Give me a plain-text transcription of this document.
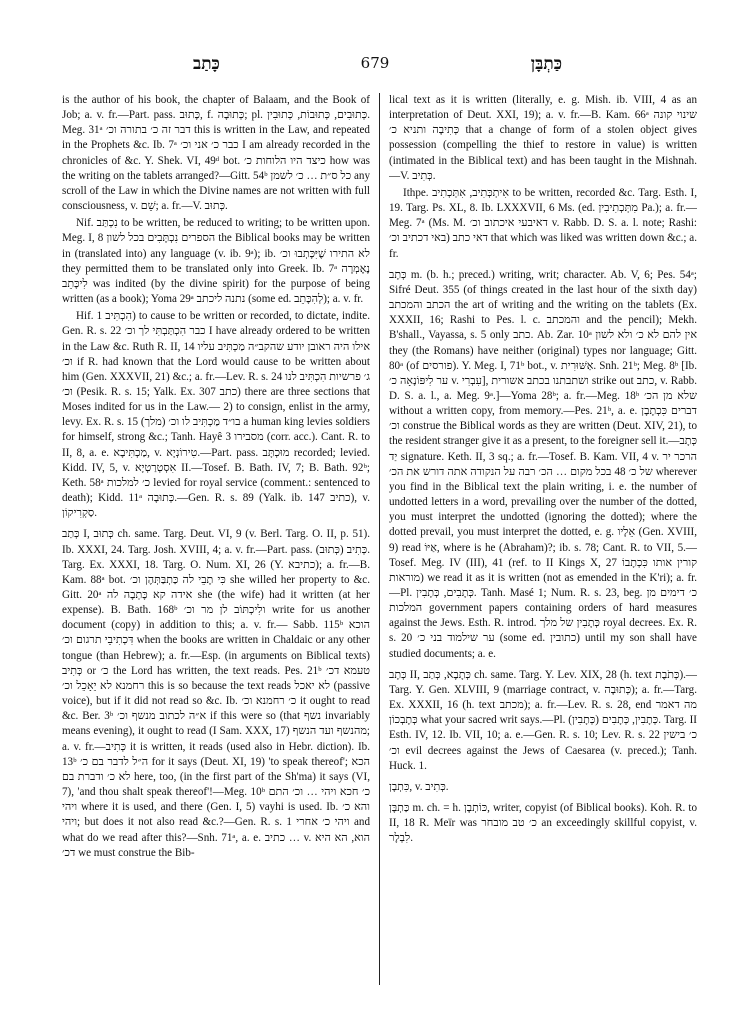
כָּתַב	679	כַּתְבָּן

is the author of his book, the chapter of Balaam, and the Book of Job; a. v. fr.—Part. pass. כָּתוּב, f. כְּתוּבָה; pl. כְּתוּבִים, כְּתוּבוֹת, כְּתוּבִין. Meg. 31ᵃ דבר זה כ׳ בתורה וכ׳ this is written in the Law, and repeated in the Prophets &c. Ib. 7ᵃ כבר כ׳ אני וכ׳ I am already recorded in the chronicles of &c. Y. Shek. VI, 49ᵈ bot. כיצד היו הלוחות כ׳ how was the writing on the tablets arranged?—Gitt. 54ᵇ כל ס״ת … כ׳ לשמן any scroll of the Law in which the Divine names are not written with full consciousness, v. שֵׁם; a. fr.—V. כְּתוּב.

Nif. נִכְתַּב to be written, be reduced to writing; to be written upon. Meg. I, 8 הספרים נִכְתָּבִים בכל לשון the Biblical books may be written in (translated into) any language (v. ib. 9ᵃ); ib. לא התירו שֶׁיִּכָּתְבוּ וכ׳ they permitted them to be translated only into Greek. Ib. 7ᵃ נֶאֶמְרָה לִיכָּתֵב was indited (by the divine spirit) for the purpose of being written (as a book); Yoma 29ᵃ נתנה ליכתב (some ed. לְהִכָּתֵב); a. v. fr.

Hif. הִכְתִּיב 1) to cause to be written or recorded, to dictate, indite. Gen. R. s. 22 כבר הִכְתַּבְתִּי לך וכ׳ I have already ordered to be written in the Law &c. Ruth R. II, 14 אילו היה ראובן יודע שהקב״ה מַכְתִּיב עליו וכ׳ if R. had known that the Lord would cause to be written about him (Gen. XXXVII, 21) &c.; a. fr.—Lev. R. s. 24 ג׳ פרשיות הִכְתִּיב לנו וכ׳ (Pesik. R. s. 15; Yalk. Ex. 307 כתב) there are three sections that Moses indited for us in the Law.— 2) to consign, enlist in the army, levy. Ex. R. s. 15 (מלך) בו״ד מַכְתִּיב לו וכ׳ a human king levies soldiers for himself, strong &c.; Tanh. Hayê 3 מסבירו (corr. acc.). Cant. R. to II, 8, a. e. מַכְתִּיבָא, v. טִירוֹנְיָא.—Part. pass. מוּכְתָּב recorded; levied. Kidd. IV, 5, v. אִסְטְרַטְיָא II.—Tosef. B. Bath. IV, 7; B. Bath. 92ᵇ; Keth. 58ᵃ כ׳ למלכות levied for royal service (comment.: sentenced to death); Kidd. 11ᵃ כְּתוּבָה.—Gen. R. s. 89 (Yalk. ib. 147 כתיב), v. סַקְרִיקוֹן.

כְּתַב I, כְּתוּב ch. same. Targ. Deut. VI, 9 (v. Berl. Targ. O. II, p. 51). Ib. XXXI, 24. Targ. Josh. XVIII, 4; a. v. fr.—Part. pass. כְּתִיב (כְּתוּב). Targ. Ex. XXXI, 18. Targ. O. Num. XI, 26 (Y. כתיבא); a. fr.—B. Kam. 88ᵃ bot. כִּי תָבֵי לה כַּתְבַּתְּהֶן וכ׳ she willed her property to &c. Gitt. 20ᵃ אידה קא כָּתְבָה לה she (the wife) had it written (at her expense). B. Bath. 168ᵇ ולִיכְתּוֹב לן מר וכ׳ write for us another document (copy) in addition to this; a. v. fr.— Sabb. 115ᵇ הוכא דִּכְתִיבֵי תרגום וכ׳ when the books are written in Chaldaic or any other tongue (than Hebrew); a. fr.—Esp. (in arguments on Biblical texts) כְּתִיב or כ׳ the Lord has written, the text reads. Pes. 21ᵇ טעמא דכ׳ רחמנא לא יֵאָכֵל וכ׳ this is so because the text reads לא יאכל (passive voice), but if it did not read so &c. Ib. כ׳ רחמנא וכ׳ it ought to read &c. Ber. 3ᵇ א״ה לכתוב מנשף וכ׳ if this were so (that נשף invariably means evening), it ought to read (I Sam. XXX, 17) מהנשף ועד הנשף; a. v. fr.—כְּתִיב it is written, it reads (used also in Hebr. diction). Ib. 13ᵇ ה״ל לדבר בם כ׳ for it says (Deut. XI, 19) 'to speak thereof'; הכא לא כ׳ ודברת בם here, too, (in the first part of the Sh'ma) it says (VI, 7), 'and thou shalt speak thereof'!—Meg. 10ᵇ כ׳ חכא ויהי … וכ׳ התם ויהי where it is used, and there (Gen. I, 5) vayhi is used. Ib. והא כ׳ ויהי; but does it not also read &c.?—Gen. R. s. 1 ויהי כ׳ אחרי and what do we read after this?—Snh. 71ᵃ, a. e. כתיב … v. הוא, הא היא דכ׳ we must construe the Bib-

lical text as it is written (literally, e. g. Mish. ib. VIII, 4 as an interpretation of Deut. XXI, 19); a. v. fr.—B. Kam. 66ᵃ שינוי קונה כְּתִיבָה ותניא כ׳ that a change of form of a stolen object gives possession (compelling the thief to restore in value) is written (intimated in the Biblical text) and has been taught in the Mishnah.—V. כְּתִיב.

Ithpe. אִיתְכְּתִיב, אִתְּכְתִיב to be written, recorded &c. Targ. Esth. I, 19. Targ. Ps. XL, 8. Ib. LXXXVII, 6 Ms. (ed. מִתְּכְתִיבִין Pa.); a. fr.—Meg. 7ᵃ (Ms. M. דאיבעי איכתוב וכ׳ v. Rabb. D. S. a. l. note; Rashi: דאי כתב (באי דכתיב וכ׳ that which was liked was written down &c.; a. fr.

כְּתָב m. (b. h.; preced.) writing, writ; character. Ab. V, 6; Pes. 54ᵃ; Sifré Deut. 355 (of things created in the last hour of the sixth day) הכתב והמכתב the art of writing and the writing on the tablets (Ex. XXXII, 16; Rashi to Pes. l. c. והמכתב and the pencil); Mekh. B'shall., Vayassa, s. 5 only כתב. Ab. Zar. 10ᵃ אין להם לא כ׳ ולא לשון they (the Romans) have neither (original) types nor language; Gitt. 80ᵃ (of פורסים). Y. Meg. I, 71ᵇ bot., v. אַשּׁוּרִית. Snh. 21ᵇ; Meg. 8ᵇ [Ib. ער לִיפּוֹנָאָה כ׳ v. עִבְרִי], ושתבתנו בכתב אשורית strike out כתב, v. Rabb. D. S. a. l., a. Meg. 9ᵃ.]—Yoma 28ᵇ; a. fr.—Meg. 18ᵇ שלא מן הכ׳ without a written copy, from memory.—Pes. 21ᵇ, a. e. דברים כִּכְתָבָן וכ׳ construe the Biblical words as they are written (Deut. XIV, 21), to the resident stranger give it as a present, to the foreigner sell it.—כְּתָב יַד signature. Keth. II, 3 sq.; a. fr.—Tosef. B. Kam. VII, 4 v. הרכר יר של כ׳ 48 בכל מקום … הכ׳ רבה על הנקודה אתה דורש את הכ׳ wherever you find in the Biblical text the plain writing, i. e. the number of undotted letters in a word, prevailing over the number of the dotted, you must interpret the undotted (ignoring the dotted); where the dotted prevail, you must interpret the dotted, e. g. אֵלָיו (Gen. XVIII, 9) read אַיּוֹ, where is he (Abraham)?; ib. s. 78; Cant. R. to VII, 5.—Tosef. Meg. IV (III), 41 (ref. to II Kings X, 27 קורין אותו כִּכְתָבוֹ (מוראות we read it as it is written (not as emended in the K'ri); a. fr.—Pl. כְּתָבִים, כְּתָבִין. Tanh. Masé 1; Num. R. s. 23, beg. כ׳ דימים מן המלכות government papers containing orders of hard measures against the Jews. Esth. R. introd. כְּתָבִין של מלך royal decrees. Ex. R. s. 20 ער שילמוד בני כ׳ (some ed. כתובין) until my son shall have studied documents; a. e.

כְּתָב II, כְּתָבָא, כְּתַב ch. same. Targ. Y. Lev. XIX, 28 (h. text כְּתֹבֶת).—Targ. Y. Gen. XLVIII, 9 (marriage contract, v. כְּתוּבָה); a. fr.—Targ. Ex. XXXII, 16 (h. text מכתב); a. fr.—Lev. R. s. 28, end מה דאמר כְּתָבְכוֹן what your sacred writ says.—Pl. כְּתָבִין, כְּתָבִים (כְּתָבִין). Targ. II Esth. IV, 12. Ib. VII, 10; a. e.—Gen. R. s. 10; Lev. R. s. 22 כ׳ בישין וכ׳ evil decrees against the Jews of Caesarea (v. preced.); Tanh. Huck. 1.

כִּתְבָן, v. כְּתִיב.

כַּתְבָּן m. ch. = h. כּוֹתְבָן, writer, copyist (of Biblical books). Koh. R. to II, 18 R. Meïr was כ׳ טב מובחר an exceedingly skillful copyist, v. לִבְלָר.
